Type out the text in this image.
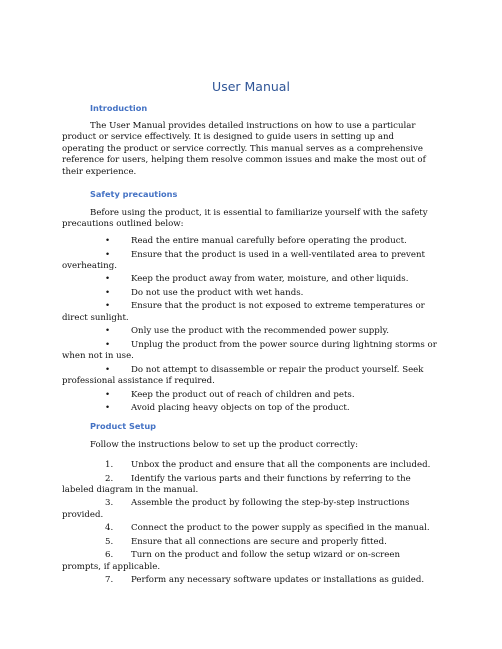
User Manual
Introduction
The User Manual provides detailed instructions on how to use a particular product or service effectively. It is designed to guide users in setting up and operating the product or service correctly. This manual serves as a comprehensive reference for users, helping them resolve common issues and make the most out of their experience.
Safety precautions
Before using the product, it is essential to familiarize yourself with the safety precautions outlined below:
• Read the entire manual carefully before operating the product.
• Ensure that the product is used in a well-ventilated area to prevent overheating.
• Keep the product away from water, moisture, and other liquids.
• Do not use the product with wet hands.
• Ensure that the product is not exposed to extreme temperatures or direct sunlight.
• Only use the product with the recommended power supply.
• Unplug the product from the power source during lightning storms or when not in use.
• Do not attempt to disassemble or repair the product yourself. Seek professional assistance if required.
• Keep the product out of reach of children and pets.
• Avoid placing heavy objects on top of the product.
Product Setup
Follow the instructions below to set up the product correctly:
1. Unbox the product and ensure that all the components are included.
2. Identify the various parts and their functions by referring to the labeled diagram in the manual.
3. Assemble the product by following the step-by-step instructions provided.
4. Connect the product to the power supply as specified in the manual.
5. Ensure that all connections are secure and properly fitted.
6. Turn on the product and follow the setup wizard or on-screen prompts, if applicable.
7. Perform any necessary software updates or installations as guided.
